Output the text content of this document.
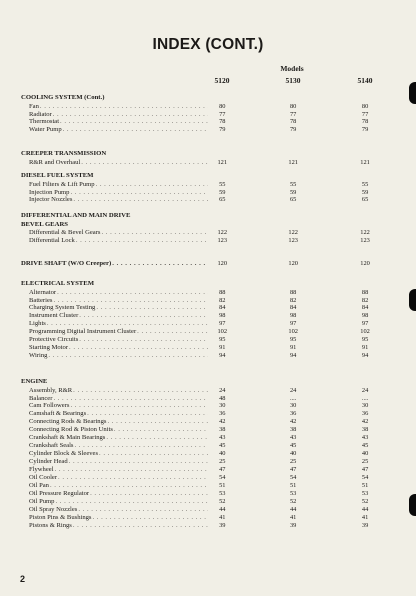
INDEX (CONT.)
Models
5120	5130	5140
COOLING SYSTEM (Cont.)
Fan . . .	80	80	80
Radiator . . .	77	77	77
Thermostat . . .	78	78	78
Water Pump . . .	79	79	79
CREEPER TRANSMISSION
R&R and Overhaul . . .	121	121	121
DIESEL FUEL SYSTEM
Fuel Filters & Lift Pump . . .	55	55	55
Injection Pump . . .	59	59	59
Injector Nozzles . . .	65	65	65
DIFFERENTIAL AND MAIN DRIVE
BEVEL GEARS
Differential & Bevel Gears . . .	122	122	122
Differential Lock . . .	123	123	123
DRIVE SHAFT (W/O Creeper) . . .	120	120	120
ELECTRICAL SYSTEM
Alternator . . .	88	88	88
Batteries . . .	82	82	82
Charging System Testing . . .	84	84	84
Instrument Cluster . . .	98	98	98
Lights . . .	97	97	97
Programming Digital Instrument Cluster . . .	102	102	102
Protective Circuits . . .	95	95	95
Starting Motor . . .	91	91	91
Wiring . . .	94	94	94
ENGINE
Assembly, R&R . . .	24	24	24
Balancer . . .	48	....	....
Cam Followers . . .	30	30	30
Camshaft & Bearings . . .	36	36	36
Connecting Rods & Bearings . . .	42	42	42
Connecting Rod & Piston Units . . .	38	38	38
Crankshaft & Main Bearings . . .	43	43	43
Crankshaft Seals . . .	45	45	45
Cylinder Block & Sleeves . . .	40	40	40
Cylinder Head . . .	25	25	25
Flywheel . . .	47	47	47
Oil Cooler . . .	54	54	54
Oil Pan . . .	51	51	51
Oil Pressure Regulator . . .	53	53	53
Oil Pump . . .	52	52	52
Oil Spray Nozzles . . .	44	44	44
Piston Pins & Bushings . . .	41	41	41
Pistons & Rings . . .	39	39	39
2
